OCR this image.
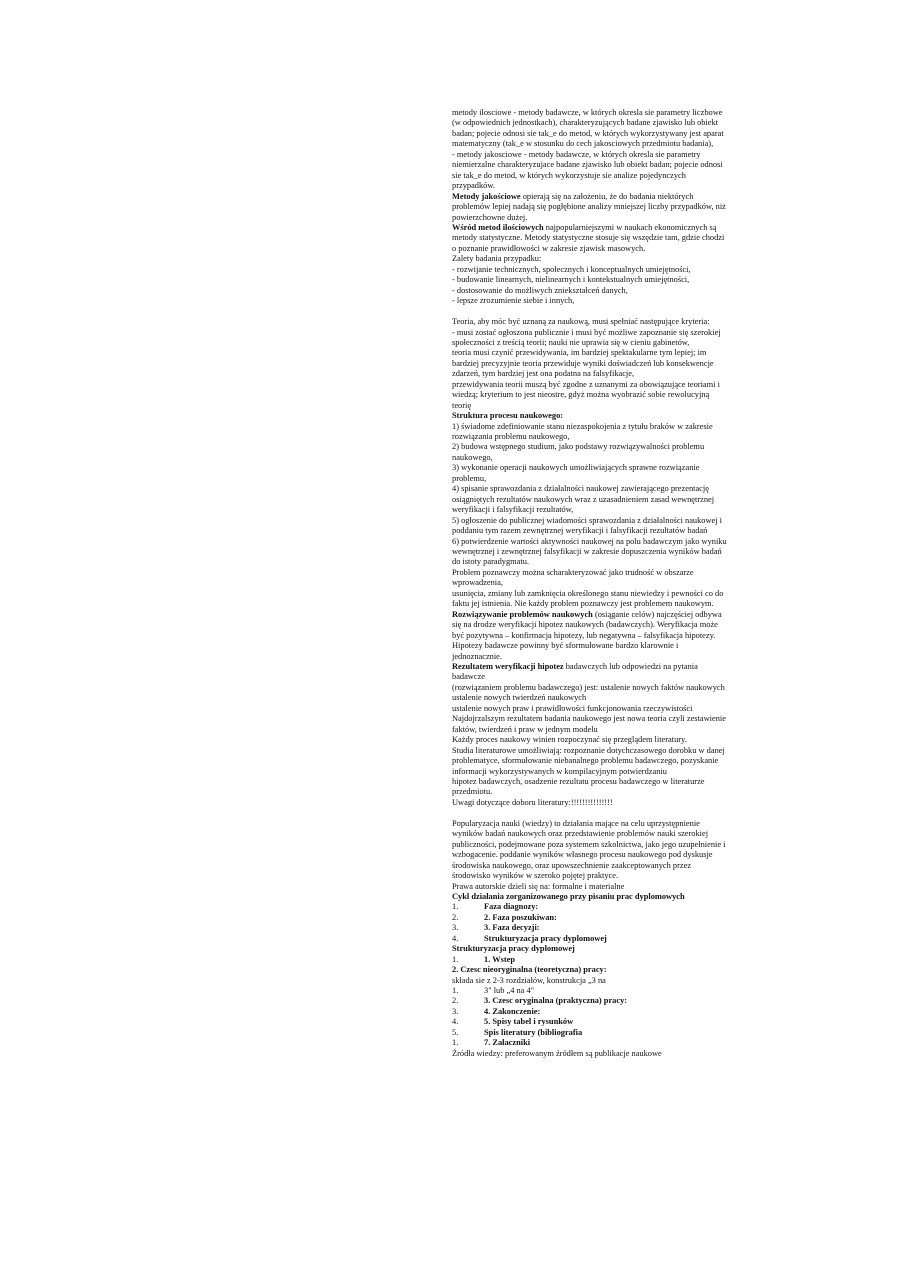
metody ilosciowe - metody badawcze, w których okresla sie parametry liczbowe
(w odpowiednich jednostkach), charakteryzujących badane zjawisko lub obiekt
badan; pojecie odnosi sie tak_e do metod, w których wykorzystywany jest aparat
matematyczny (tak_e w stosunku do cech jakosciowych przedmiotu badania),
- metody jakosciowe - metody badawcze, w których okresla sie parametry
niemierzalne charakteryzujace badane zjawisko lub obiekt badan; pojecie odnosi
sie tak_e do metod, w których wykorzystuje sie analize pojedynczych
przypadków.
Metody jakościowe opierają się na założeniu, że do badania niektórych
problemów lepiej nadają się pogłębione analizy mniejszej liczby przypadków, niż
powierzchowne dużej.
Wśród metod ilościowych najpopularniejszymi w naukach ekonomicznych są
metody statystyczne. Metody statystyczne stosuje się wszędzie tam, gdzie chodzi
o poznanie prawidłowości w zakresie zjawisk masowych.
Zalety badania przypadku:
- rozwijanie technicznych, społecznych i konceptualnych umiejętności,
- budowanie linearnych, nielinearnych i kontekstualnych umiejętności,
- dostosowanie do możliwych zniekształceń danych,
- lepsze zrozumienie siebie i innych,
Teoria, aby móc być uznaną za naukową, musi spełniać następujące kryteria:
- musi zostać ogłoszona publicznie i musi być możliwe zapoznanie się szerokiej
społeczności z treścią teorii; nauki nie uprawia się w cieniu gabinetów,
teoria musi czynić przewidywania, im bardziej spektakularne tym lepiej; im
bardziej precyzyjnie teoria przewiduje wyniki doświadczeń lub konsekwencje
zdarzeń, tym bardziej jest ona podatna na falsyfikacje,
przewidywania teorii muszą być zgodne z uznanymi za obowiązujące teoriami i
wiedzą; kryterium to jest nieostre, gdyż można wyobrazić sobie rewolucyjną
teorię
Struktura procesu naukowego:
1) świadome zdefiniowanie stanu niezaspokojenia z tytułu braków w zakresie
rozwiązania problemu naukowego,
2) budowa wstępnego studium, jako podstawy rozwiązywalności problemu
naukowego,
3) wykonanie operacji naukowych umożliwiających sprawne rozwiązanie
problemu,
4) spisanie sprawozdania z działalności naukowej zawierającego prezentację
osiągniętych rezultatów naukowych wraz z uzasadnieniem zasad wewnętrznej
weryfikacji i falsyfikacji rezultatów,
5) ogłoszenie do publicznej wiadomości sprawozdania z działalności naukowej i
poddaniu tym razem zewnętrznej weryfikacji i falsyfikacji rezultatów badań
6) potwierdzenie wartości aktywności naukowej na polu badawczym jako wyniku
wewnętrznej i zewnętrznej falsyfikacji w zakresie dopuszczenia wyników badań
do istoty paradygmatu.
Problem poznawczy można scharakteryzować jako trudność w obszarze
wprowadzenia,
usunięcia, zmiany lub zamknięcia określonego stanu niewiedzy i pewności co do
faktu jej istnienia. Nie każdy problem poznawczy jest problemem naukowym.
Rozwiązywanie problemów naukowych (osiąganie celów) najczęściej odbywa
się na drodze weryfikacji hipotez naukowych (badawczych). Weryfikacja może
być pozytywna – konfirmacja hipotezy, lub negatywna – falsyfikacja hipotezy.
Hipotezy badawcze powinny być sformułowane bardzo klarownie i
jednoznacznie.
Rezultatem weryfikacji hipotez badawczych lub odpowiedzi na pytania
badawcze
(rozwiązaniem problemu badawczego) jest: ustalenie nowych faktów naukowych
ustalenie nowych twierdzeń naukowych
ustalenie nowych praw i prawidłowości funkcjonowania rzeczywistości
Najdojrzalszym rezultatem badania naukowego jest nowa teoria czyli zestawienie
faktów, twierdzeń i praw w jednym modelu
Każdy proces naukowy winien rozpoczynać się przeglądem literatury.
Studia literaturowe umożliwiają: rozpoznanie dotychczasowego dorobku w danej
problematyce, sformułowanie niebanalnego problemu badawczego, pozyskanie
informacji wykorzystywanych w kompilacyjnym potwierdzaniu
hipotez badawczych, osadzenie rezultatu procesu badawczego w literaturze
przedmiotu.
Uwagi dotyczące doboru literatury:!!!!!!!!!!!!!!!
Popularyzacja nauki (wiedzy) to działania mające na celu uprzystępnienie
wyników badań naukowych oraz przedstawienie problemów nauki szerokiej
publiczności, podejmowane poza systemem szkolnictwa, jako jego uzupełnienie i
wzbogacenie. poddanie wyników własnego procesu naukowego pod dyskusje
środowiska naukowego, oraz upowszechnienie zaakceptowanych przez
środowisko wyników w szeroko pojętej praktyce.
Prawa autorskie dzieli się na: formalne i materialne
Cykl działania zorganizowanego przy pisaniu prac dyplomowych
1.	Faza diagnozy:
2.	2. Faza poszukiwan:
3.	3. Faza decyzji:
4.	Strukturyzacja pracy dyplomowej
Strukturyzacja pracy dyplomowej
1.	1. Wstep
2. Czesc nieoryginalna (teoretyczna) pracy:
składa sie z 2-3 rozdziałów, konstrukcja „3 na
1.	3" lub „4 na 4"
2.	3. Czesc oryginalna (praktyczna) pracy:
3.	4. Zakonczenie:
4.	5. Spisy tabel i rysunków
5.	Spis literatury (bibliografia
1.	7. Załaczniki
Źródła wiedzy: preferowanym źródłem są publikacje naukowe
